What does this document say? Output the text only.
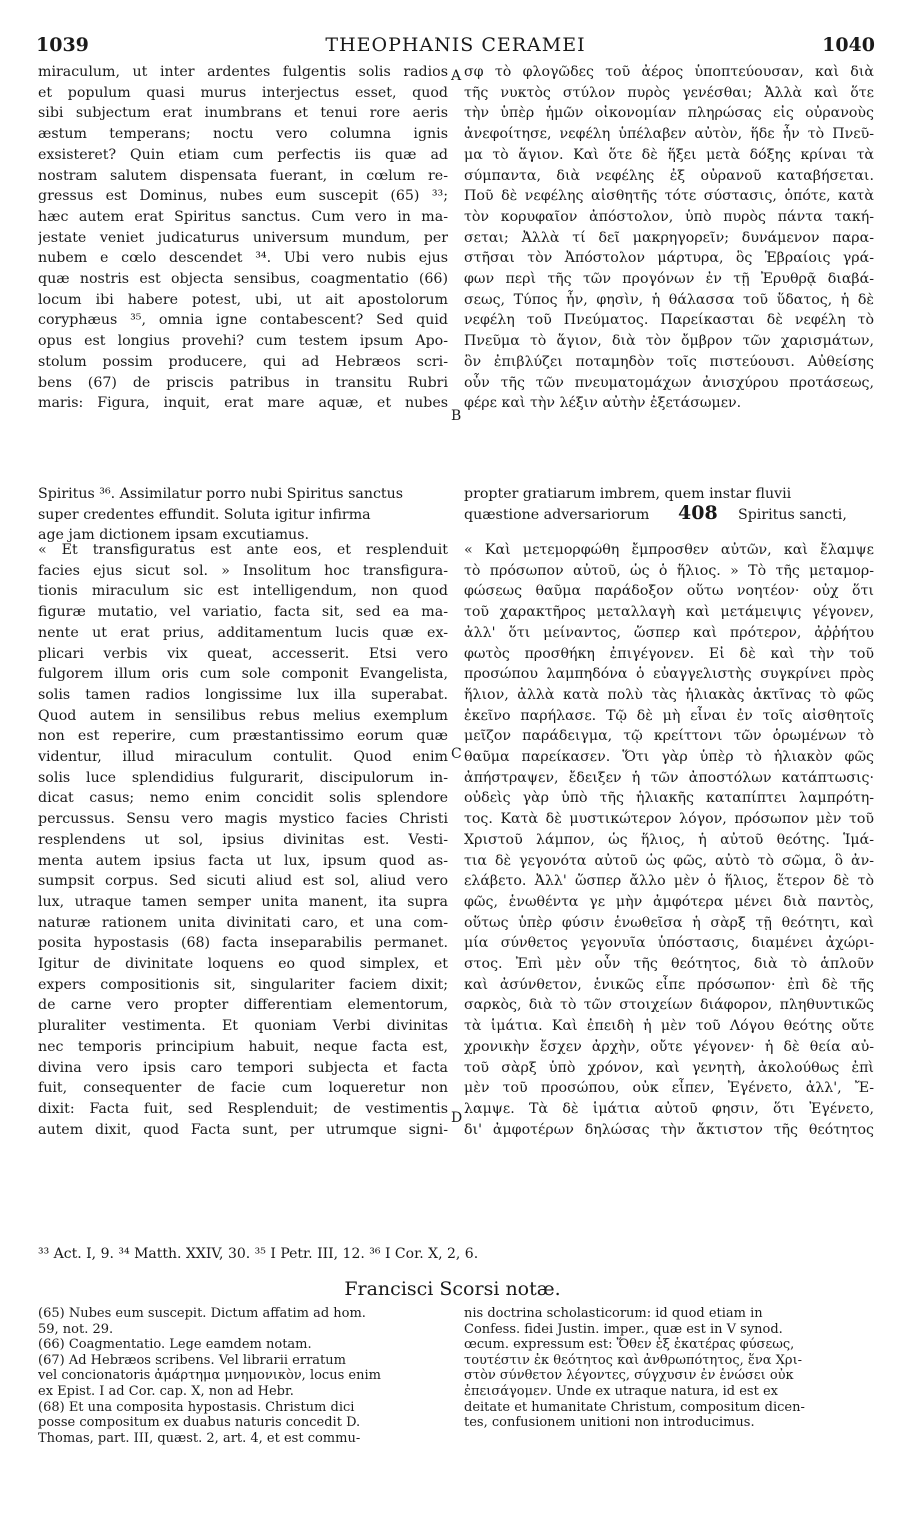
1039	THEOPHANIS CERAMEI	1040
miraculum, ut inter ardentes fulgentis solis radios
et populum quasi murus interjectus esset, quod
sibi subjectum erat inumbrans et tenui rore aeris
æstum temperans; noctu vero columna ignis
exsisteret? Quin etiam cum perfectis iis quæ ad
nostram salutem dispensata fuerant, in cœlum re-
gressus est Dominus, nubes eum suscepit (65) ³³;
hæc autem erat Spiritus sanctus. Cum vero in ma-
jestate veniet judicaturus universum mundum, per
nubem e cœlo descendet ³⁴. Ubi vero nubis ejus
quæ nostris est objecta sensibus, coagmentatio (66)
locum ibi habere potest, ubi, ut ait apostolorum
coryphæus ³⁵, omnia igne contabescent? Sed quid
opus est longius provehi? cum testem ipsum Apo-
stolum possim producere, qui ad Hebræos scri-
bens (67) de priscis patribus in transitu Rubri
maris: Figura, inquit, erat mare aquæ, et nubes
σφ τὸ φλογῶδες τοῦ ἀέρος ὑποπτεύουσαν, καὶ διὰ
τῆς νυκτὸς στύλον πυρὸς γενέσθαι; Ἀλλὰ καὶ ὅτε
τὴν ὑπὲρ ἡμῶν οἰκονομίαν πληρώσας εἰς οὐρανοὺς
ἀνεφοίτησε, νεφέλη ὑπέλαβεν αὐτὸν, ἥδε ἦν τὸ Πνεῦ-
μα τὸ ἅγιον. Καὶ ὅτε δὲ ἥξει μετὰ δόξης κρίναι τὰ
σύμπαντα, διὰ νεφέλης ἐξ οὐρανοῦ καταβήσεται.
Ποῦ δὲ νεφέλης αἰσθητῆς τότε σύστασις, ὁπότε, κατὰ
τὸν κορυφαῖον ἀπόστολον, ὑπὸ πυρὸς πάντα τακή-
σεται; Ἀλλὰ τί δεῖ μακρηγορεῖν; δυνάμενον παρα-
στῆσαι τὸν Ἀπόστολον μάρτυρα, ὃς Ἑβραίοις γρά-
φων περὶ τῆς τῶν προγόνων ἐν τῇ Ἐρυθρᾷ διαβά-
σεως, Τύπος ἦν, φησὶν, ἡ θάλασσα τοῦ ὕδατος, ἡ δὲ
νεφέλη τοῦ Πνεύματος. Παρείκασται δὲ νεφέλη τὸ
Πνεῦμα τὸ ἅγιον, διὰ τὸν ὄμβρον τῶν χαρισμάτων,
ὃν ἐπιβλύζει ποταμηδὸν τοῖς πιστεύουσι. Αὐθείσης
οὖν τῆς τῶν πνευματομάχων ἀνισχύρου προτάσεως,
φέρε καὶ τὴν λέξιν αὐτὴν ἐξετάσωμεν.
A
B
C
D
Spiritus ³⁶. Assimilatur porro nubi Spiritus sanctus	propter gratiarum imbrem, quem instar fluvii
super credentes effundit. Soluta igitur infirma	quæstione adversariorum 408 Spiritus sancti,
age jam dictionem ipsam excutiamus.
« Et transfiguratus est ante eos, et resplenduit
facies ejus sicut sol. » Insolitum hoc transfigura-
tionis miraculum sic est intelligendum, non quod
figuræ mutatio, vel variatio, facta sit, sed ea ma-
nente ut erat prius, additamentum lucis quæ ex-
plicari verbis vix queat, accesserit. Etsi vero
fulgorem illum oris cum sole componit Evangelista,
solis tamen radios longissime lux illa superabat.
Quod autem in sensilibus rebus melius exemplum
non est reperire, cum præstantissimo eorum quæ
videntur, illud miraculum contulit. Quod enim
solis luce splendidius fulgurarit, discipulorum in-
dicat casus; nemo enim concidit solis splendore
percussus. Sensu vero magis mystico facies Christi
resplendens ut sol, ipsius divinitas est. Vesti-
menta autem ipsius facta ut lux, ipsum quod as-
sumpsit corpus. Sed sicuti aliud est sol, aliud vero
lux, utraque tamen semper unita manent, ita supra
naturæ rationem unita divinitati caro, et una com-
posita hypostasis (68) facta inseparabilis permanet.
Igitur de divinitate loquens eo quod simplex, et
expers compositionis sit, singulariter faciem dixit;
de carne vero propter differentiam elementorum,
pluraliter vestimenta. Et quoniam Verbi divinitas
nec temporis principium habuit, neque facta est,
divina vero ipsis caro tempori subjecta et facta
fuit, consequenter de facie cum loqueretur non
dixit: Facta fuit, sed Resplenduit; de vestimentis
autem dixit, quod Facta sunt, per utrumque signi-
« Καὶ μετεμορφώθη ἔμπροσθεν αὐτῶν, καὶ ἔλαμψε
τὸ πρόσωπον αὐτοῦ, ὡς ὁ ἥλιος. » Τὸ τῆς μεταμορ-
φώσεως θαῦμα παράδοξον οὕτω νοητέον· οὐχ ὅτι
τοῦ χαρακτῆρος μεταλλαγὴ καὶ μετάμειψις γέγονεν,
ἀλλ' ὅτι μείναντος, ὥσπερ καὶ πρότερον, ἀῤῥήτου
φωτὸς προσθήκη ἐπιγέγονεν. Εἰ δὲ καὶ τὴν τοῦ
προσώπου λαμπηδόνα ὁ εὐαγγελιστὴς συγκρίνει πρὸς
ἥλιον, ἀλλὰ κατὰ πολὺ τὰς ἡλιακὰς ἀκτῖνας τὸ φῶς
ἐκεῖνο παρήλασε. Τῷ δὲ μὴ εἶναι ἐν τοῖς αἰσθητοῖς
μεῖζον παράδειγμα, τῷ κρείττονι τῶν ὁρωμένων τὸ
θαῦμα παρείκασεν. Ὅτι γὰρ ὑπὲρ τὸ ἡλιακὸν φῶς
ἀπήστραψεν, ἔδειξεν ἡ τῶν ἀποστόλων κατάπτωσις·
οὐδεὶς γὰρ ὑπὸ τῆς ἡλιακῆς καταπίπτει λαμπρότη-
τος. Κατὰ δὲ μυστικώτερον λόγον, πρόσωπον μὲν τοῦ
Χριστοῦ λάμπον, ὡς ἥλιος, ἡ αὐτοῦ θεότης. Ἱμά-
τια δὲ γεγονότα αὐτοῦ ὡς φῶς, αὐτὸ τὸ σῶμα, ὃ ἀν-
ελάβετο. Ἀλλ' ὥσπερ ἄλλο μὲν ὁ ἥλιος, ἕτερον δὲ τὸ
φῶς, ἑνωθέντα γε μὴν ἀμφότερα μένει διὰ παντὸς,
οὕτως ὑπὲρ φύσιν ἑνωθεῖσα ἡ σὰρξ τῇ θεότητι, καὶ
μία σύνθετος γεγονυῖα ὑπόστασις, διαμένει ἀχώρι-
στος. Ἐπὶ μὲν οὖν τῆς θεότητος, διὰ τὸ ἁπλοῦν
καὶ ἀσύνθετον, ἑνικῶς εἶπε πρόσωπον· ἐπὶ δὲ τῆς
σαρκὸς, διὰ τὸ τῶν στοιχείων διάφορον, πληθυντικῶς
τὰ ἱμάτια. Καὶ ἐπειδὴ ἡ μὲν τοῦ Λόγου θεότης οὔτε
χρονικὴν ἔσχεν ἀρχὴν, οὔτε γέγονεν· ἡ δὲ θεία αὐ-
τοῦ σὰρξ ὑπὸ χρόνον, καὶ γενητὴ, ἀκολούθως ἐπὶ
μὲν τοῦ προσώπου, οὐκ εἶπεν, Ἐγένετο, ἀλλ', Ἔ-
λαμψε. Τὰ δὲ ἱμάτια αὐτοῦ φησιν, ὅτι Ἐγένετο,
δι' ἀμφοτέρων δηλώσας τὴν ἄκτιστον τῆς θεότητος
³³ Act. I, 9. ³⁴ Matth. XXIV, 30. ³⁵ I Petr. III, 12. ³⁶ I Cor. X, 2, 6.
Francisci Scorsi notæ.
(65) Nubes eum suscepit. Dictum affatim ad hom.
59, not. 29.
(66) Coagmentatio. Lege eamdem notam.
(67) Ad Hebræos scribens. Vel librarii erratum
vel concionatoris ἁμάρτημα μνημονικὸν, locus enim
ex Epist. I ad Cor. cap. X, non ad Hebr.
(68) Et una composita hypostasis. Christum dici
posse compositum ex duabus naturis concedit D.
Thomas, part. III, quæst. 2, art. 4, et est commu-
nis doctrina scholasticorum: id quod etiam in
Confess. fidei Justin. imper., quæ est in V synod.
œcum. expressum est: Ὅθεν ἐξ ἑκατέρας φύσεως,
τουτέστιν ἐκ θεότητος καὶ ἀνθρωπότητος, ἕνα Χρι-
στὸν σύνθετον λέγοντες, σύγχυσιν ἐν ἑνώσει οὐκ
ἐπεισάγομεν. Unde ex utraque natura, id est ex
deitate et humanitate Christum, compositum dicen-
tes, confusionem unitioni non introducimus.
